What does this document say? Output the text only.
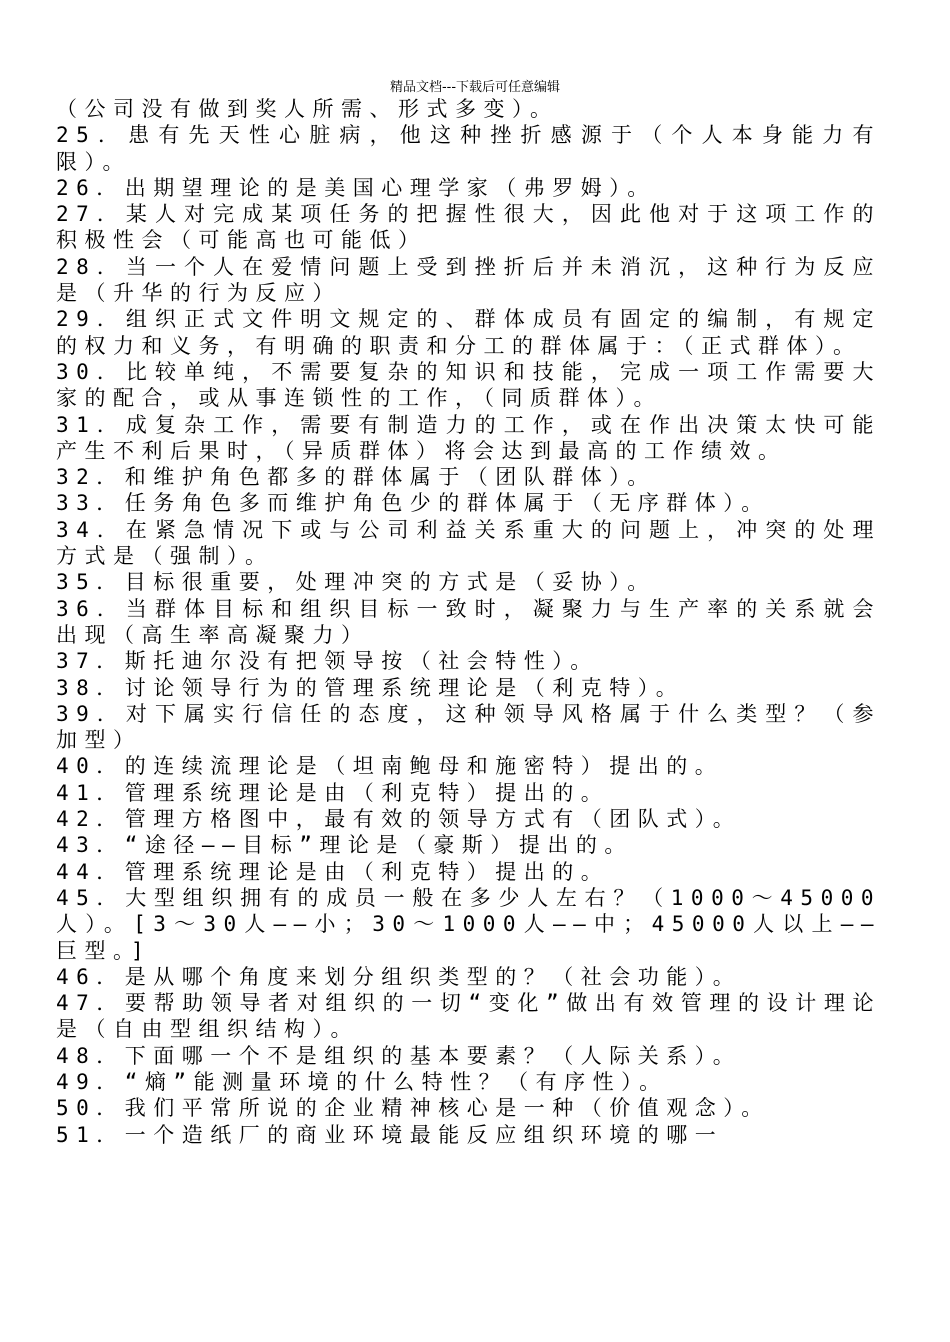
精品文档---下载后可任意编辑

（公司没有做到奖人所需、形式多变）。

25．患有先天性心脏病，他这种挫折感源于（个人本身能力有限）。

26．出期望理论的是美国心理学家（弗罗姆）。

27．某人对完成某项任务的把握性很大，因此他对于这项工作的积极性会（可能高也可能低）

28．当一个人在爱情问题上受到挫折后并未消沉，这种行为反应是（升华的行为反应）

29．组织正式文件明文规定的、群体成员有固定的编制，有规定的权力和义务，有明确的职责和分工的群体属于：（正式群体）。

30．比较单纯，不需要复杂的知识和技能，完成一项工作需要大家的配合，或从事连锁性的工作，（同质群体）。

31．成复杂工作，需要有制造力的工作，或在作出决策太快可能产生不利后果时，（异质群体）将会达到最高的工作绩效。

32．和维护角色都多的群体属于（团队群体）。

33．任务角色多而维护角色少的群体属于（无序群体）。

34．在紧急情况下或与公司利益关系重大的问题上，冲突的处理方式是（强制）。

35．目标很重要，处理冲突的方式是（妥协）。

36．当群体目标和组织目标一致时，凝聚力与生产率的关系就会出现（高生率高凝聚力）

37．斯托迪尔没有把领导按（社会特性）。

38．讨论领导行为的管理系统理论是（利克特）。

39．对下属实行信任的态度，这种领导风格属于什么类型？（参加型）

40．的连续流理论是（坦南鲍母和施密特）提出的。

41．管理系统理论是由（利克特）提出的。

42．管理方格图中，最有效的领导方式有（团队式）。

43．“途径——目标”理论是（豪斯）提出的。

44．管理系统理论是由（利克特）提出的。

45．大型组织拥有的成员一般在多少人左右？（1000～45000人）。[3～30人——小；30～1000人——中；45000人以上——巨型。]

46．是从哪个角度来划分组织类型的？（社会功能）。

47．要帮助领导者对组织的一切“变化”做出有效管理的设计理论是（自由型组织结构）。

48．下面哪一个不是组织的基本要素？（人际关系）。

49．“熵”能测量环境的什么特性？（有序性）。

50．我们平常所说的企业精神核心是一种（价值观念）。

51．一个造纸厂的商业环境最能反应组织环境的哪一
